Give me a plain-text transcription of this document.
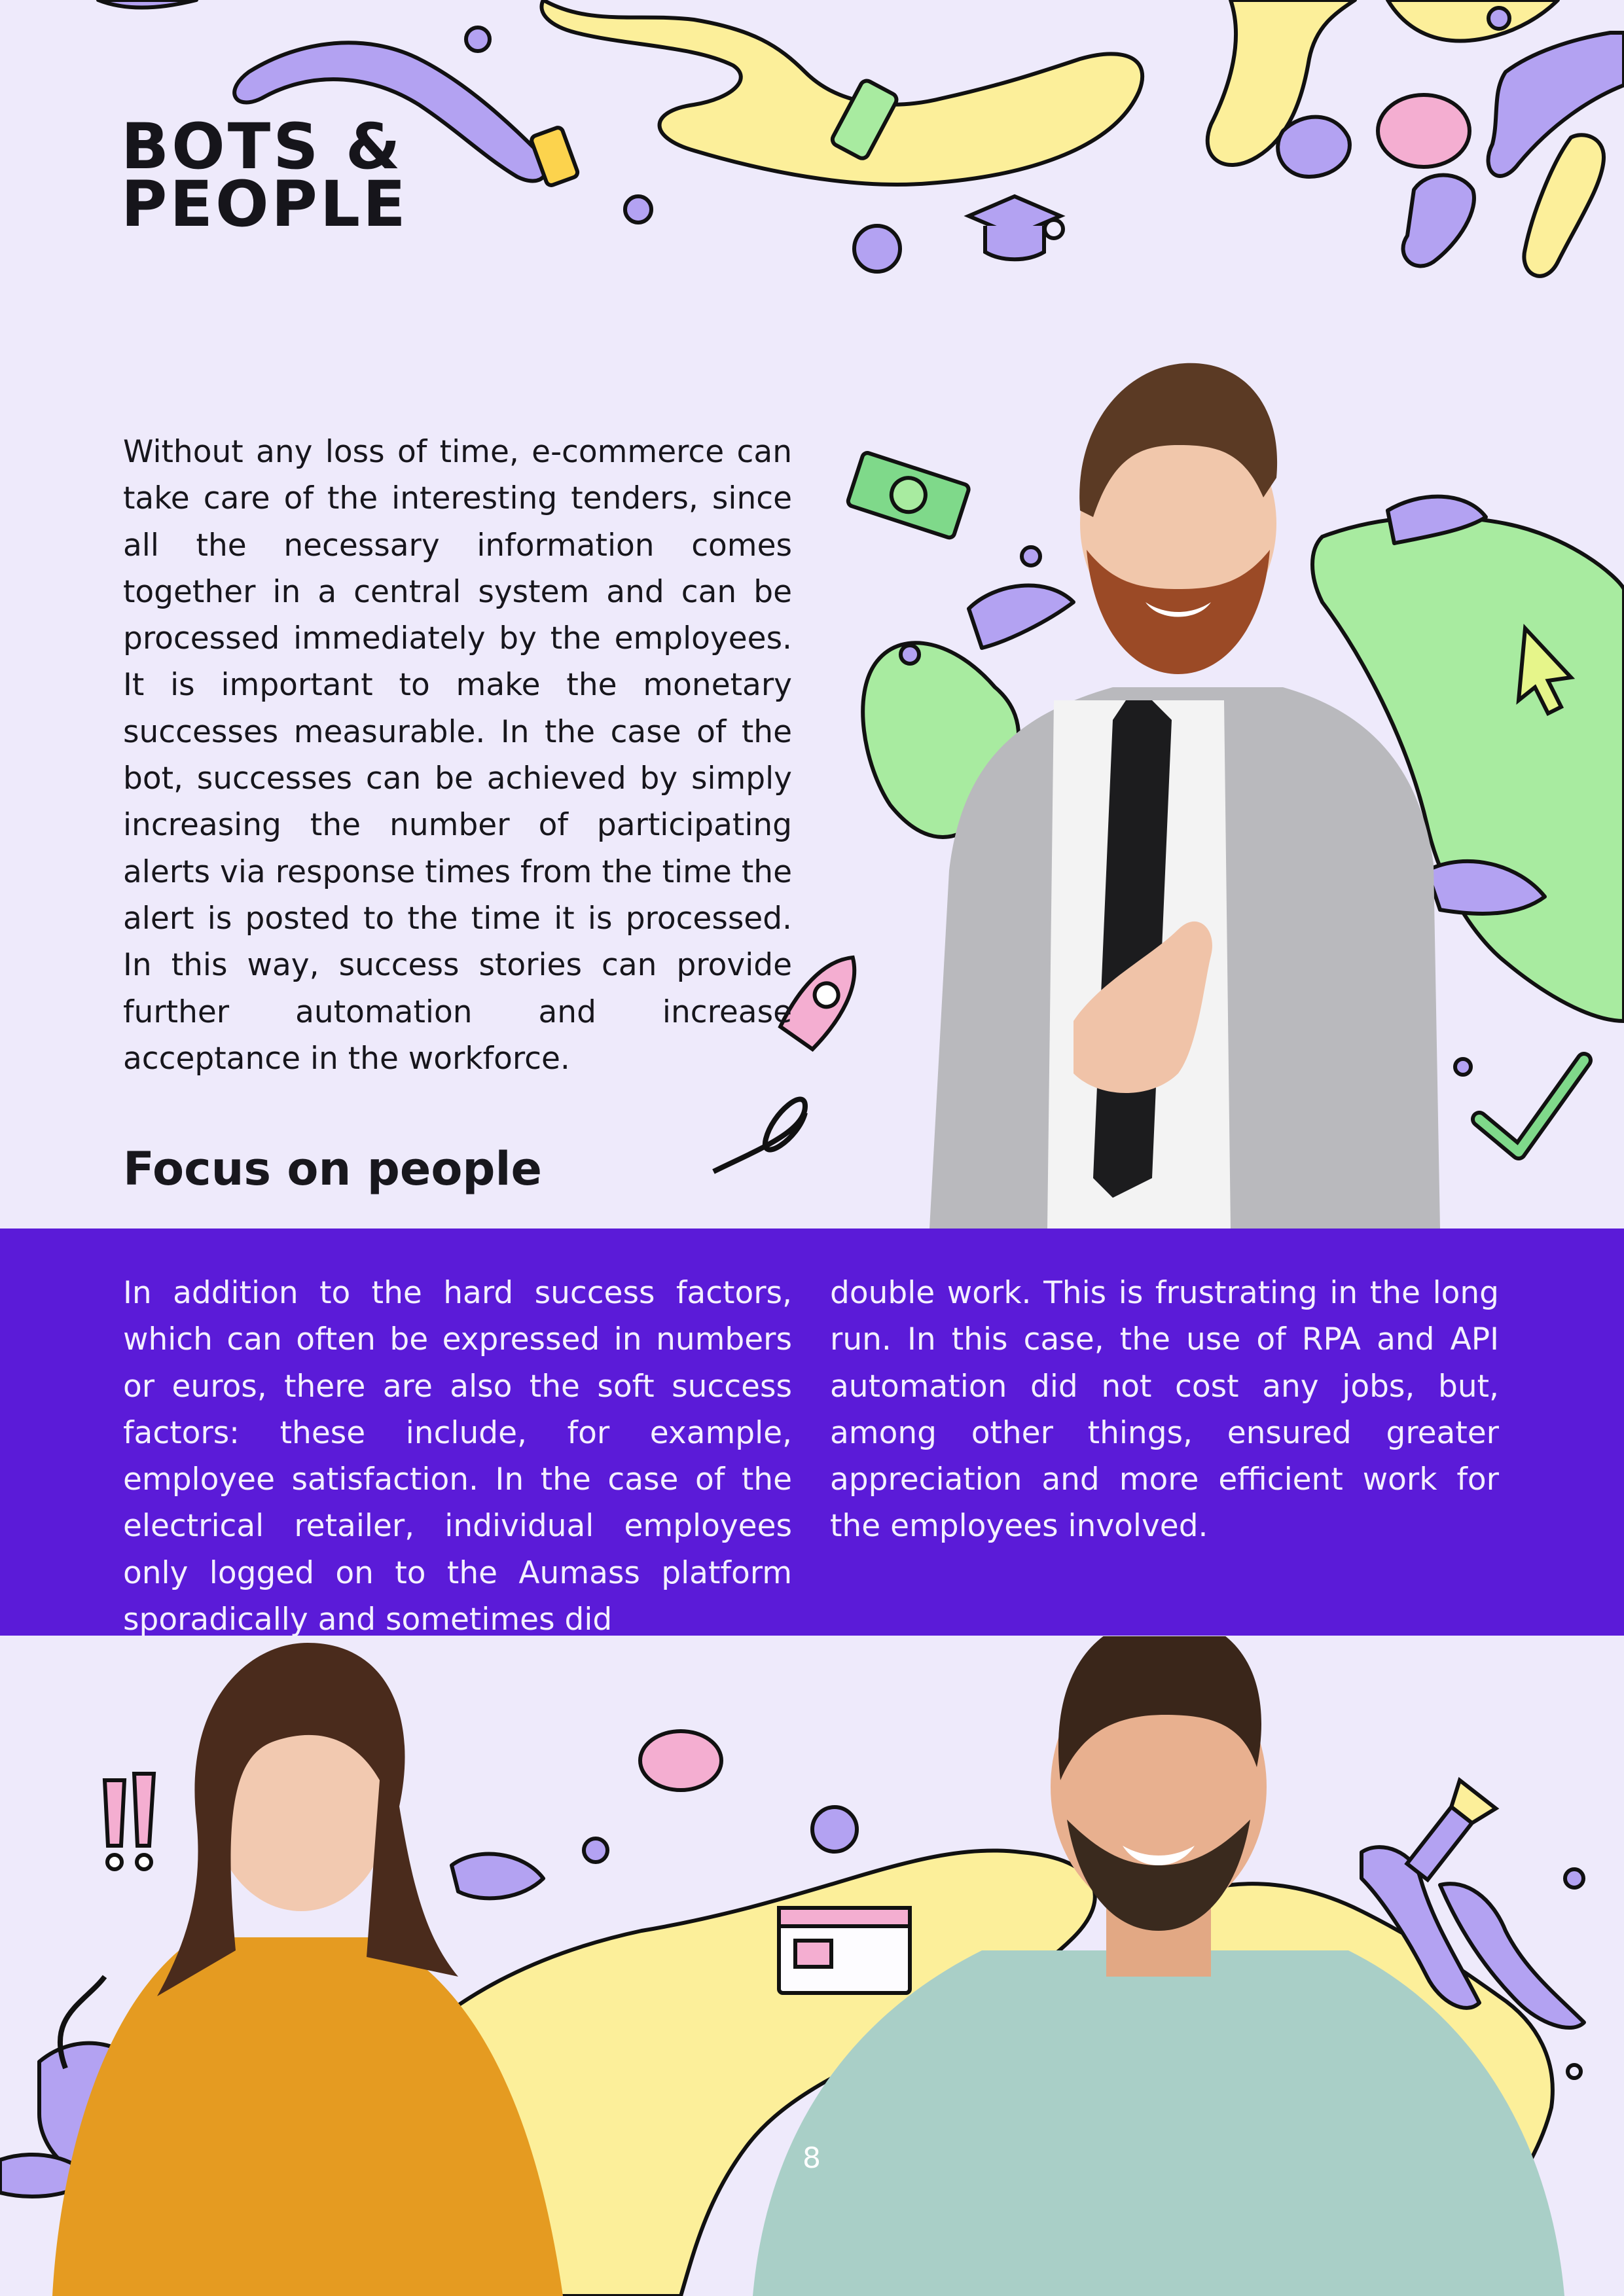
BOTS &
PEOPLE
Without any loss of time, e-commerce can take care of the interesting tenders, since all the necessary information comes together in a central system and can be processed immediately by the employees. It is important to make the monetary successes measurable. In the case of the bot, successes can be achieved by simply increasing the number of participating alerts via response times from the time the alert is posted to the time it is processed. In this way, success stories can provide further automation and increase acceptance in the workforce.
Focus on people
In addition to the hard success factors, which can often be expressed in numbers or euros, there are also the soft success factors: these include, for example, employee satisfaction. In the case of the electrical retailer, individual employees only logged on to the Aumass platform sporadically and sometimes did
double work. This is frustrating in the long run. In this case, the use of RPA and API automation did not cost any jobs, but, among other things, ensured greater appreciation and more efficient work for the employees involved.
8
